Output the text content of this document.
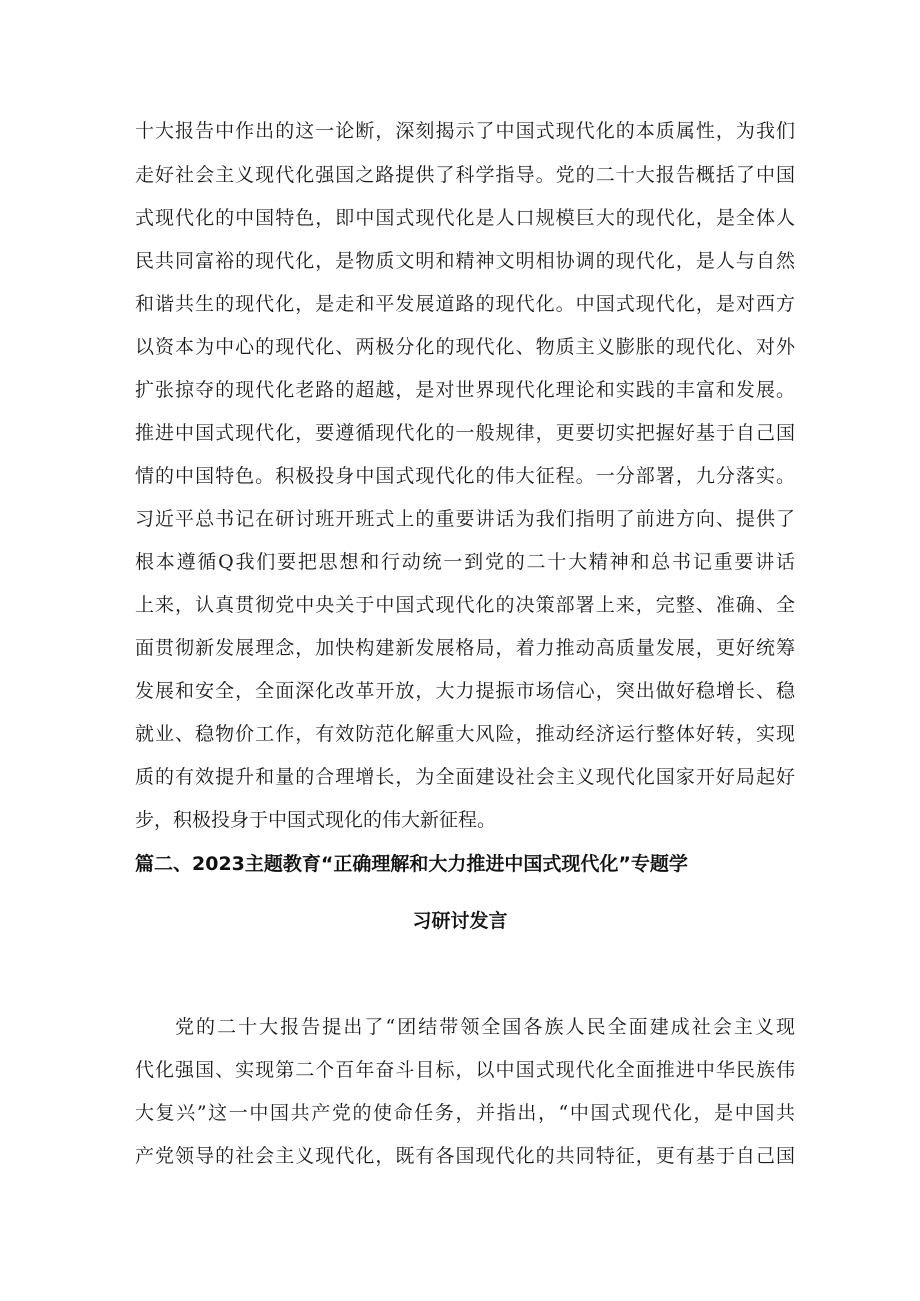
十大报告中作出的这一论断，深刻揭示了中国式现代化的本质属性，为我们
走好社会主义现代化强国之路提供了科学指导。党的二十大报告概括了中国
式现代化的中国特色，即中国式现代化是人口规模巨大的现代化，是全体人
民共同富裕的现代化，是物质文明和精神文明相协调的现代化，是人与自然
和谐共生的现代化，是走和平发展道路的现代化。中国式现代化，是对西方
以资本为中心的现代化、两极分化的现代化、物质主义膨胀的现代化、对外
扩张掠夺的现代化老路的超越，是对世界现代化理论和实践的丰富和发展。
推进中国式现代化，要遵循现代化的一般规律，更要切实把握好基于自己国
情的中国特色。积极投身中国式现代化的伟大征程。一分部署，九分落实。
习近平总书记在研讨班开班式上的重要讲话为我们指明了前进方向、提供了
根本遵循Q我们要把思想和行动统一到党的二十大精神和总书记重要讲话
上来，认真贯彻党中央关于中国式现代化的决策部署上来，完整、准确、全
面贯彻新发展理念，加快构建新发展格局，着力推动高质量发展，更好统筹
发展和安全，全面深化改革开放，大力提振市场信心，突出做好稳增长、稳
就业、稳物价工作，有效防范化解重大风险，推动经济运行整体好转，实现
质的有效提升和量的合理增长，为全面建设社会主义现代化国家开好局起好
步，积极投身于中国式现化的伟大新征程。
篇二、2023主题教育“正确理解和大力推进中国式现代化”专题学
习研讨发言
党的二十大报告提出了“团结带领全国各族人民全面建成社会主义现
代化强国、实现第二个百年奋斗目标，以中国式现代化全面推进中华民族伟
大复兴”这一中国共产党的使命任务，并指出，“中国式现代化，是中国共
产党领导的社会主义现代化，既有各国现代化的共同特征，更有基于自己国
